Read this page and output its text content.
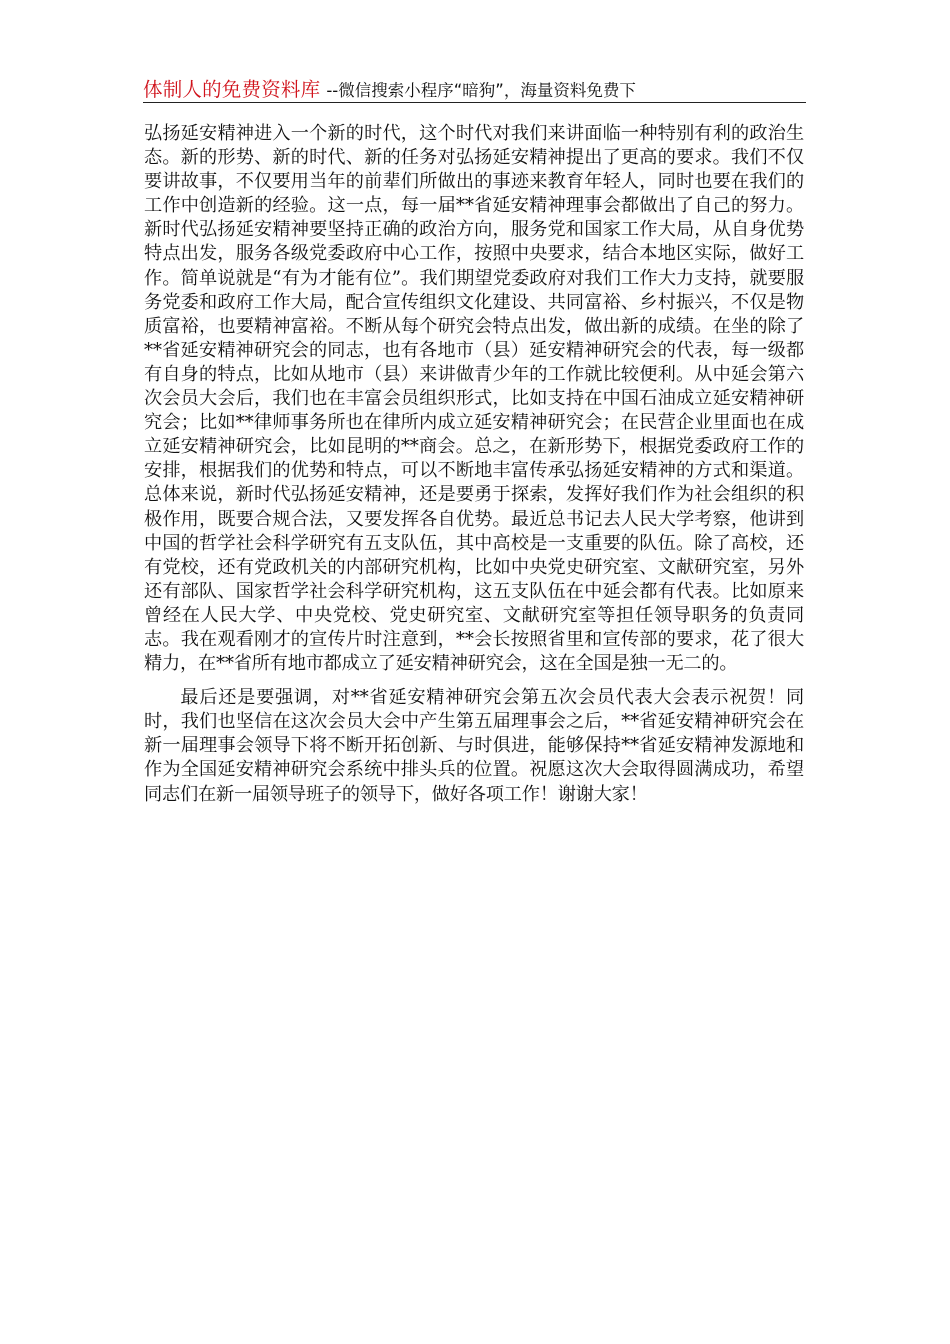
体制人的免费资料库 --微信搜索小程序“暗狗”，海量资料免费下

弘扬延安精神进入一个新的时代，这个时代对我们来讲面临一种特别有利的政治生态。新的形势、新的时代、新的任务对弘扬延安精神提出了更高的要求。我们不仅要讲故事，不仅要用当年的前辈们所做出的事迹来教育年轻人，同时也要在我们的工作中创造新的经验。这一点，每一届**省延安精神理事会都做出了自己的努力。新时代弘扬延安精神要坚持正确的政治方向，服务党和国家工作大局，从自身优势特点出发，服务各级党委政府中心工作，按照中央要求，结合本地区实际，做好工作。简单说就是“有为才能有位”。我们期望党委政府对我们工作大力支持，就要服务党委和政府工作大局，配合宣传组织文化建设、共同富裕、乡村振兴，不仅是物质富裕，也要精神富裕。不断从每个研究会特点出发，做出新的成绩。在坐的除了**省延安精神研究会的同志，也有各地市（县）延安精神研究会的代表，每一级都有自身的特点，比如从地市（县）来讲做青少年的工作就比较便利。从中延会第六次会员大会后，我们也在丰富会员组织形式，比如支持在中国石油成立延安精神研究会；比如**律师事务所也在律所内成立延安精神研究会；在民营企业里面也在成立延安精神研究会，比如昆明的**商会。总之，在新形势下，根据党委政府工作的安排，根据我们的优势和特点，可以不断地丰富传承弘扬延安精神的方式和渠道。总体来说，新时代弘扬延安精神，还是要勇于探索，发挥好我们作为社会组织的积极作用，既要合规合法，又要发挥各自优势。最近总书记去人民大学考察，他讲到中国的哲学社会科学研究有五支队伍，其中高校是一支重要的队伍。除了高校，还有党校，还有党政机关的内部研究机构，比如中央党史研究室、文献研究室，另外还有部队、国家哲学社会科学研究机构，这五支队伍在中延会都有代表。比如原来曾经在人民大学、中央党校、党史研究室、文献研究室等担任领导职务的负责同志。我在观看刚才的宣传片时注意到，**会长按照省里和宣传部的要求，花了很大精力，在**省所有地市都成立了延安精神研究会，这在全国是独一无二的。

最后还是要强调，对**省延安精神研究会第五次会员代表大会表示祝贺！同时，我们也坚信在这次会员大会中产生第五届理事会之后，**省延安精神研究会在新一届理事会领导下将不断开拓创新、与时俱进，能够保持**省延安精神发源地和作为全国延安精神研究会系统中排头兵的位置。祝愿这次大会取得圆满成功，希望同志们在新一届领导班子的领导下，做好各项工作！谢谢大家！
